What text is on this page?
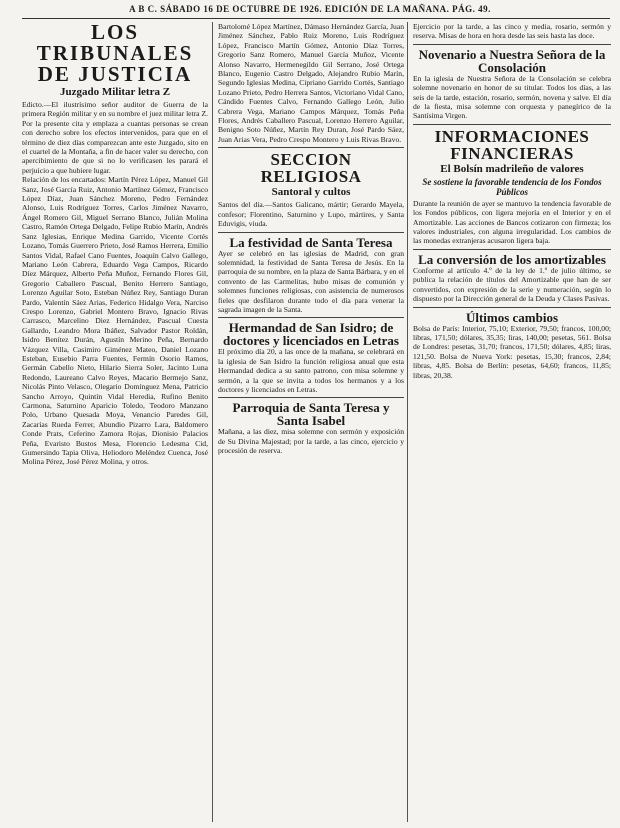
A B C. SÁBADO 16 DE OCTUBRE DE 1926. EDICIÓN DE LA MAÑANA. PÁG. 49.
LOS TRIBUNALES
DE JUSTICIA
Juzgado Militar letra Z

Edicto.—El ilustrísimo señor auditor de Guerra de la primera Región militar y en su nombre el juez militar letra Z. Por la presente cita y emplaza a cuantas personas se crean con derecho sobre los efectos intervenidos, para que en el término de diez días comparezcan ante este Juzgado, sito en el cuartel de la Montaña, a fin de hacer valer su derecho, con apercibimiento de que si no lo verificasen les parará el perjuicio a que hubiere lugar.

Relación de los encartados: Martín Pérez López, Manuel Gil Sanz, José García Ruiz, Antonio Martínez Gómez, Francisco López Díaz, Juan Sánchez Moreno, Pedro Fernández Alonso, Luis Rodríguez Torres, Carlos Jiménez Navarro, Ángel Romero Gil, Miguel Serrano Blanco, Julián Molina Castro, Ramón Ortega Delgado, Felipe Rubio Marín, Andrés Sanz Iglesias, Enrique Medina Garrido, Vicente Cortés Lozano, Tomás Guerrero Prieto, José Ramos Herrera, Emilio Santos Vidal, Rafael Cano Fuentes, Joaquín Calvo Gallego, Mariano León Cabrera, Eduardo Vega Campos, Ricardo Díez Márquez, Alberto Peña Muñoz, Fernando Flores Gil, Gregorio Caballero Pascual, Benito Herrero Santiago, Lorenzo Aguilar Soto, Esteban Núñez Rey, Santiago Duran Pardo, Valentín Sáez Arias, Federico Hidalgo Vera, Narciso Crespo Lorenzo, Gabriel Montero Bravo, Ignacio Rivas Carrasco, Marcelino Diez Hernández, Pascual Cuesta Gallardo, Leandro Mora Ibáñez, Salvador Pastor Roldán, Isidro Benítez Durán, Agustín Merino Peña, Bernardo Vázquez Villa, Casimiro Giménez Mateo, Daniel Lozano Esteban, Eusebio Parra Fuentes, Fermín Osorio Ramos, Germán Cabello Nieto, Hilario Sierra Soler, Jacinto Luna Redondo, Laureano Calvo Reyes, Macario Bermejo Sanz, Nicolás Pinto Velasco, Olegario Domínguez Mena, Patricio Sancho Arroyo, Quintín Vidal Heredia, Rufino Benito Carmona, Saturnino Aparicio Toledo, Teodoro Manzano Polo, Urbano Quesada Moya, Venancio Paredes Gil, Zacarías Rueda Ferrer, Abundio Pizarro Lara, Baldomero Conde Prats, Ceferino Zamora Rojas, Dionisio Palacios Peña, Evaristo Bustos Mesa, Florencio Ledesma Cid, Gumersindo Tapia Oliva, Heliodoro Meléndez Cuenca, José Molina Pérez, José Pérez Molina, y otros.

Bartolomé López Martínez, Dámaso Hernández García, Juan Jiménez Sánchez, Pablo Ruiz Moreno, Luis Rodríguez López, Francisco Martín Gómez, Antonio Díaz Torres, Gregorio Sanz Romero, Manuel García Muñoz, Vicente Alonso Navarro, Hermenegildo Gil Serrano, José Ortega Blanco, Eugenio Castro Delgado, Alejandro Rubio Marín, Segundo Iglesias Medina, Cipriano Garrido Cortés, Santiago Lozano Prieto, Pedro Herrera Santos, Victoriano Vidal Cano, Cándido Fuentes Calvo, Fernando Gallego León, Julio Cabrera Vega, Mariano Campos Márquez, Tomás Peña Flores, Andrés Caballero Pascual, Lorenzo Herrero Aguilar, Benigno Soto Núñez, Martín Rey Duran, José Pardo Sáez, Juan Arias Vera, Pedro Crespo Montero y Luis Rivas Bravo.

SECCION RELIGIOSA
Santoral y cultos

Santos del día.—Santos Galicano, mártir; Gerardo Mayela, confesor; Florentino, Saturnino y Lupo, mártires, y Santa Eduvigis, viuda.

La festividad de Santa Teresa

Ayer se celebró en las iglesias de Madrid, con gran solemnidad, la festividad de Santa Teresa de Jesús. En la parroquia de su nombre, en la plaza de Santa Bárbara, y en el convento de las Carmelitas, hubo misas de comunión y solemnes funciones religiosas, con asistencia de numerosos fieles que desfilaron durante todo el día para venerar la sagrada imagen de la Santa.

Hermandad de San Isidro; de doctores y licenciados en Letras

El próximo día 20, a las once de la mañana, se celebrará en la iglesia de San Isidro la función religiosa anual que esta Hermandad dedica a su santo patrono, con misa solemne y sermón, a la que se invita a todos los hermanos y a los doctores y licenciados en Letras.

Parroquia de Santa Teresa y Santa Isabel

Mañana, a las diez, misa solemne con sermón y exposición de Su Divina Majestad; por la tarde, a las cinco, ejercicio y procesión de reserva.

Ejercicio por la tarde, a las cinco y media, rosario, sermón y reserva. Misas de hora en hora desde las seis hasta las doce.

Novenario a Nuestra Señora de la Consolación

En la iglesia de Nuestra Señora de la Consolación se celebra solemne novenario en honor de su titular. Todos los días, a las seis de la tarde, estación, rosario, sermón, novena y salve. El día de la fiesta, misa solemne con orquesta y panegírico de la Santísima Virgen.

INFORMACIONES FINANCIERAS
El Bolsín madrileño de valores
Se sostiene la favorable tendencia de los Fondos Públicos

Durante la reunión de ayer se mantuvo la tendencia favorable de los Fondos públicos, con ligera mejoría en el Interior y en el Amortizable. Las acciones de Bancos cotizaron con firmeza; los valores industriales, con alguna irregularidad. Los cambios de las monedas extranjeras acusaron ligera baja.

La conversión de los amortizables

Conforme al artículo 4.º de la ley de 1.º de julio último, se publica la relación de títulos del Amortizable que han de ser convertidos, con expresión de la serie y numeración, según lo dispuesto por la Dirección general de la Deuda y Clases Pasivas.

Últimos cambios

Bolsa de París: Interior, 75,10; Exterior, 79,50; francos, 100,00; libras, 171,50; dólares, 35,35; liras, 140,00; pesetas, 561. Bolsa de Londres: pesetas, 31,70; francos, 171,50; dólares, 4,85; liras, 121,50. Bolsa de Nueva York: pesetas, 15,30; francos, 2,84; libras, 4,85. Bolsa de Berlín: pesetas, 64,60; francos, 11,85; libras, 20,38.
